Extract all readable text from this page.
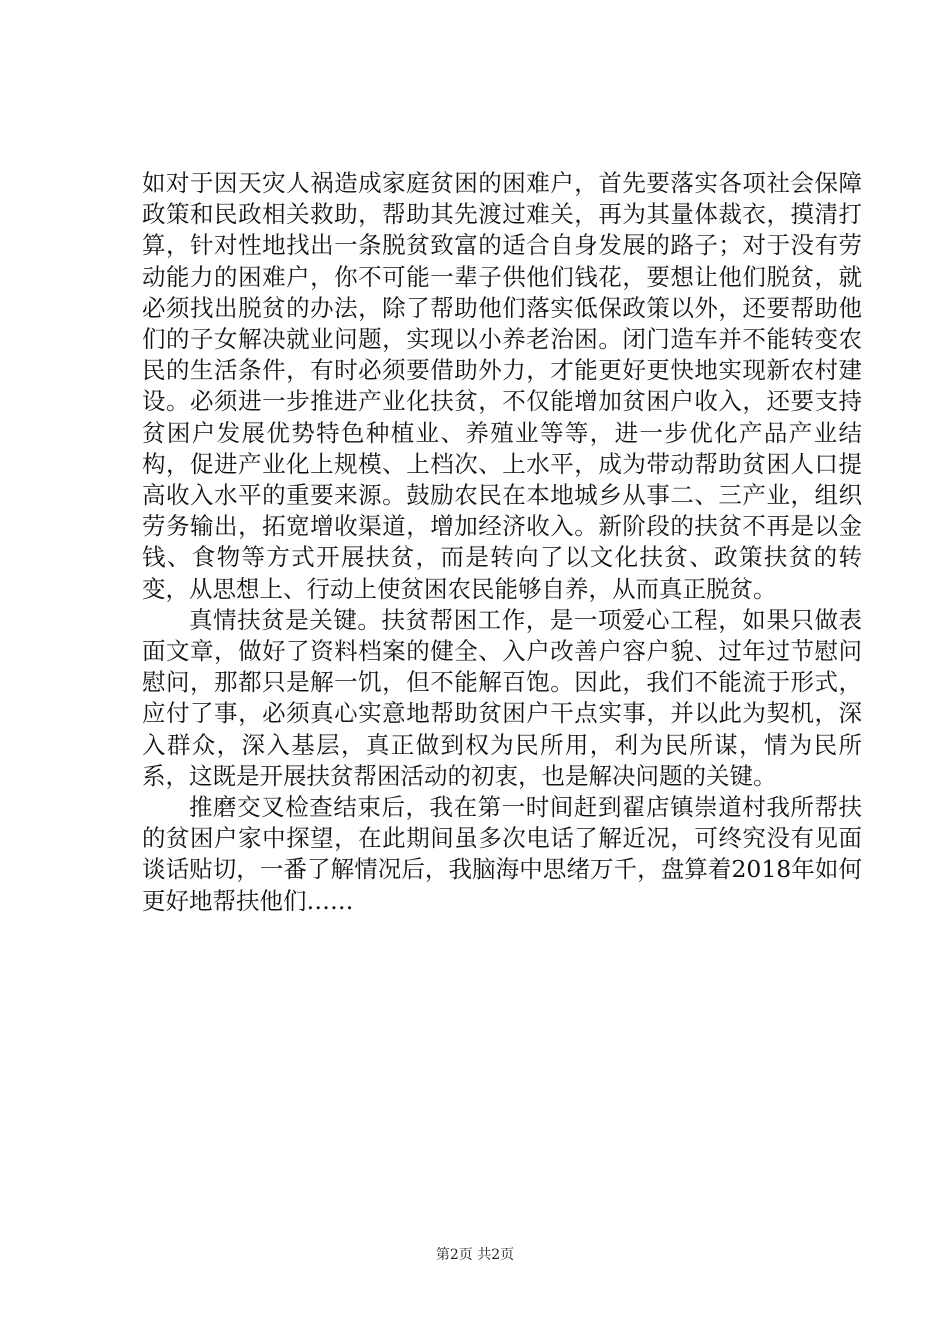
如对于因天灾人祸造成家庭贫困的困难户，首先要落实各项社会保障政策和民政相关救助，帮助其先渡过难关，再为其量体裁衣，摸清打算，针对性地找出一条脱贫致富的适合自身发展的路子；对于没有劳动能力的困难户，你不可能一辈子供他们钱花，要想让他们脱贫，就必须找出脱贫的办法，除了帮助他们落实低保政策以外，还要帮助他们的子女解决就业问题，实现以小养老治困。闭门造车并不能转变农民的生活条件，有时必须要借助外力，才能更好更快地实现新农村建设。必须进一步推进产业化扶贫，不仅能增加贫困户收入，还要支持贫困户发展优势特色种植业、养殖业等等，进一步优化产品产业结构，促进产业化上规模、上档次、上水平，成为带动帮助贫困人口提高收入水平的重要来源。鼓励农民在本地城乡从事二、三产业，组织劳务输出，拓宽增收渠道，增加经济收入。新阶段的扶贫不再是以金钱、食物等方式开展扶贫，而是转向了以文化扶贫、政策扶贫的转变，从思想上、行动上使贫困农民能够自养，从而真正脱贫。

真情扶贫是关键。扶贫帮困工作，是一项爱心工程，如果只做表面文章，做好了资料档案的健全、入户改善户容户貌、过年过节慰问慰问，那都只是解一饥，但不能解百饱。因此，我们不能流于形式，应付了事，必须真心实意地帮助贫困户干点实事，并以此为契机，深入群众，深入基层，真正做到权为民所用，利为民所谋，情为民所系，这既是开展扶贫帮困活动的初衷，也是解决问题的关键。

推磨交叉检查结束后，我在第一时间赶到翟店镇崇道村我所帮扶的贫困户家中探望，在此期间虽多次电话了解近况，可终究没有见面谈话贴切，一番了解情况后，我脑海中思绪万千，盘算着2018年如何更好地帮扶他们……

第2页 共2页
